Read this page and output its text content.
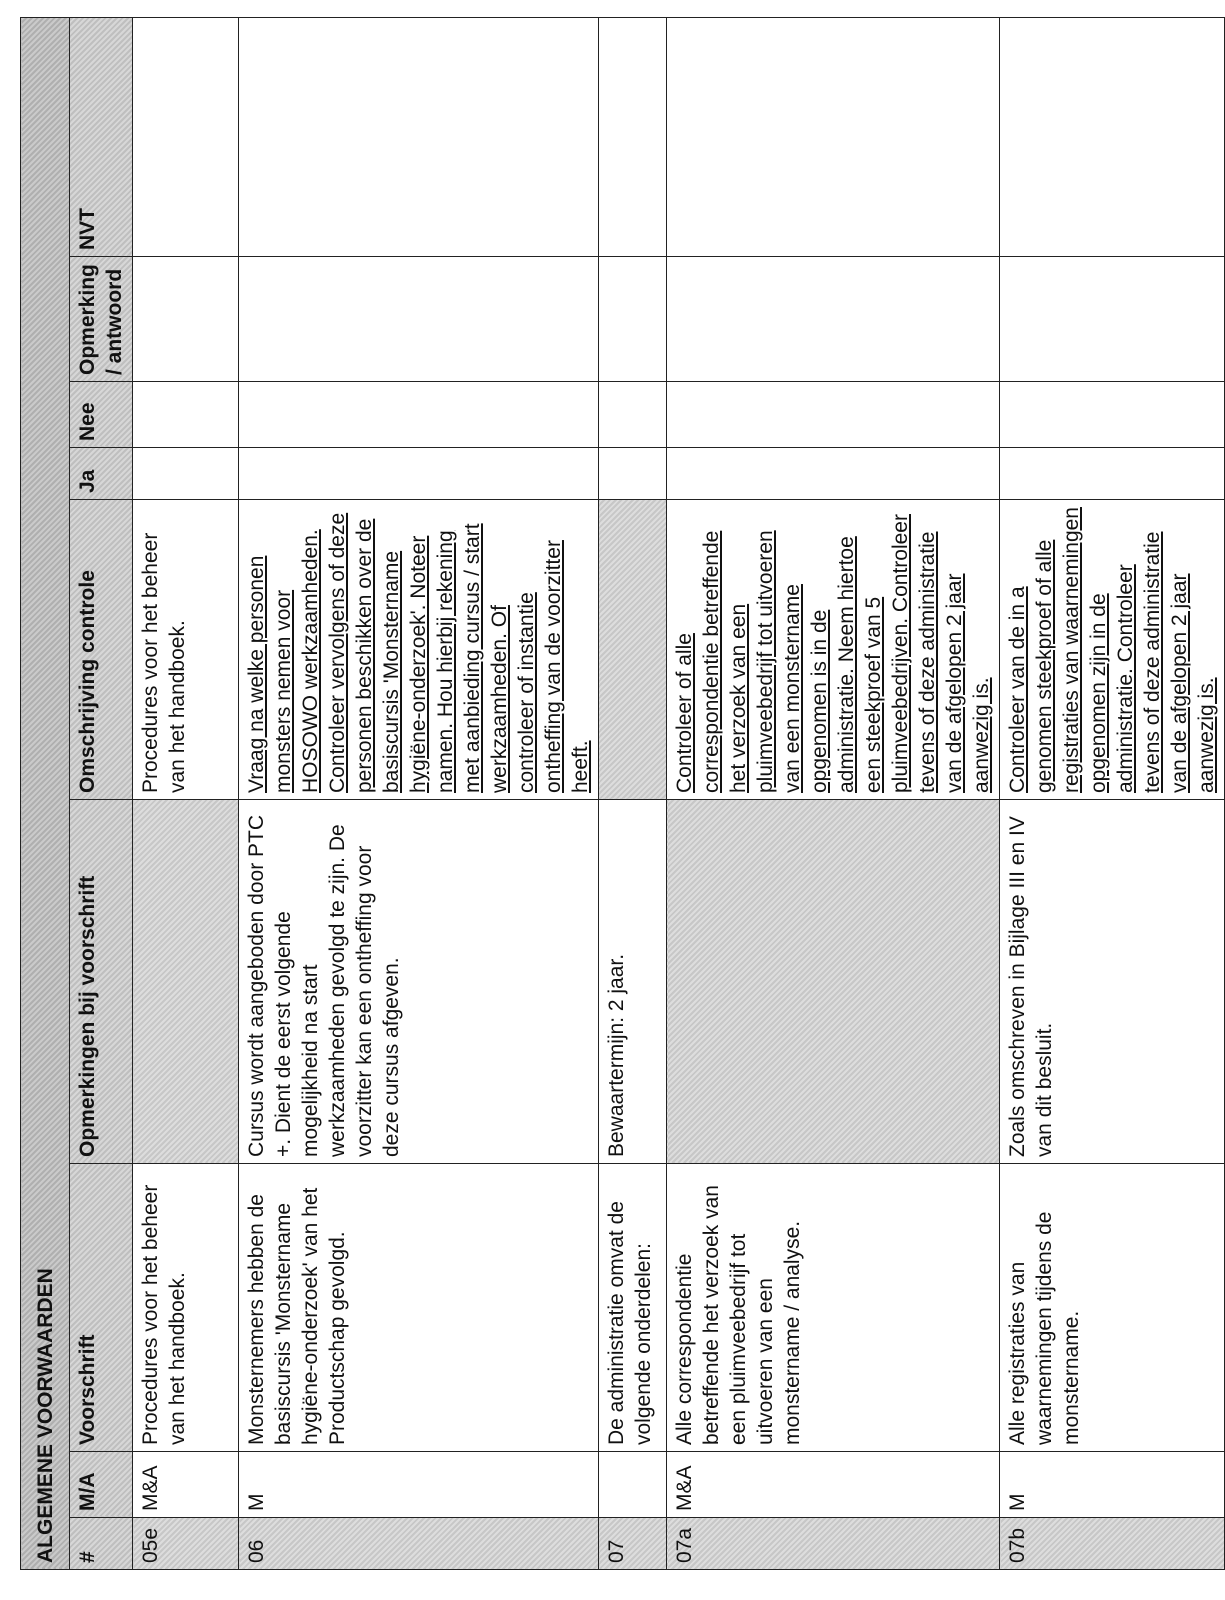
ALGEMENE VOORWAARDEN								
#	M/A	Voorschrift	Opmerkingen bij voorschrift	Omschrijving controle	Ja	Nee	Opmerking / antwoord	NVT
05e	M&A	Procedures voor het beheer van het handboek.		Procedures voor het beheer van het handboek.				
06	M	Monsternemers hebben de basiscursis 'Monstername hygiëne-onderzoek' van het Productschap gevolgd.	Cursus wordt aangeboden door PTC +. Dient de eerst volgende mogelijkheid na start werkzaamheden gevolgd te zijn. De voorzitter kan een ontheffing voor deze cursus afgeven.	Vraag na welke personen monsters nemen voor HOSOWO werkzaamheden. Controleer vervolgens of deze personen beschikken over de basiscursis 'Monstername hygiëne-onderzoek'. Noteer namen. Hou hierbij rekening met aanbieding cursus / start werkzaamheden. Of controleer of instantie ontheffing van de voorzitter heeft.				
07		De administratie omvat de volgende onderdelen:	Bewaartermijn: 2 jaar.					
07a	M&A	Alle correspondentie betreffende het verzoek van een pluimveebedrijf tot uitvoeren van een monstername / analyse.		Controleer of alle correspondentie betreffende het verzoek van een pluimveebedrijf tot uitvoeren van een monstername opgenomen is in de administratie. Neem hiertoe een steekproef van 5 pluimveebedrijven. Controleer tevens of deze administratie van de afgelopen 2 jaar aanwezig is.				
07b	M	Alle registraties van waarnemingen tijdens de monstername.	Zoals omschreven in Bijlage III en IV van dit besluit.	Controleer van de in a genomen steekproef of alle registraties van waarnemingen opgenomen zijn in de administratie. Controleer tevens of deze administratie van de afgelopen 2 jaar aanwezig is.				
